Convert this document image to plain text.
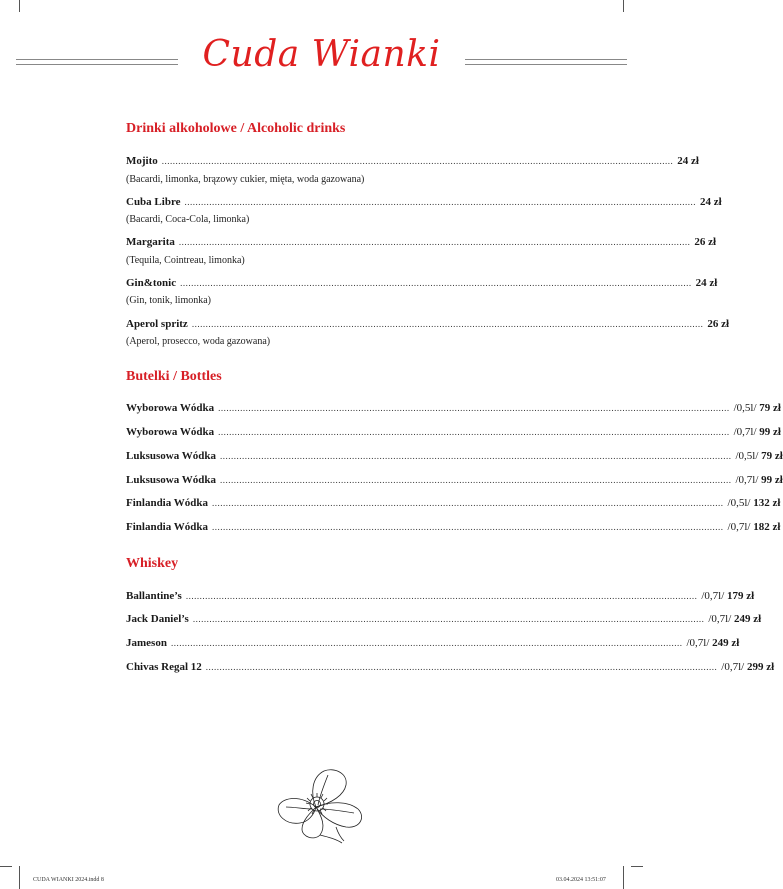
Cuda Wianki
Drinki alkoholowe / Alcoholic drinks
Mojito .......................................................................................................................................................................................... 24 zł
(Bacardi, limonka, brązowy cukier, mięta, woda gazowana)
Cuba Libre .......................................................................................................................................................................................... 24 zł
(Bacardi, Coca-Cola, limonka)
Margarita .......................................................................................................................................................................................... 26 zł
(Tequila, Cointreau, limonka)
Gin&tonic .......................................................................................................................................................................................... 24 zł
(Gin, tonik, limonka)
Aperol spritz .......................................................................................................................................................................................... 26 zł
(Aperol, prosecco, woda gazowana)
Butelki / Bottles
Wyborowa Wódka .......................................................................................................................................................................................... /0,5l/
79 zł
Wyborowa Wódka .......................................................................................................................................................................................... /0,7l/
99 zł
Luksusowa Wódka .......................................................................................................................................................................................... /0,5l/
79 zł
Luksusowa Wódka .......................................................................................................................................................................................... /0,7l/
99 zł
Finlandia Wódka .......................................................................................................................................................................................... /0,5l/
132 zł
Finlandia Wódka .......................................................................................................................................................................................... /0,7l/
182 zł
Whiskey
Ballantine’s .......................................................................................................................................................................................... /0,7l/
179 zł
Jack Daniel’s .......................................................................................................................................................................................... /0,7l/
249 zł
Jameson .......................................................................................................................................................................................... /0,7l/
249 zł
Chivas Regal 12 .......................................................................................................................................................................................... /0,7l/
299 zł
CUDA WIANKI 2024.indd 8	03.04.2024 13:51:07
